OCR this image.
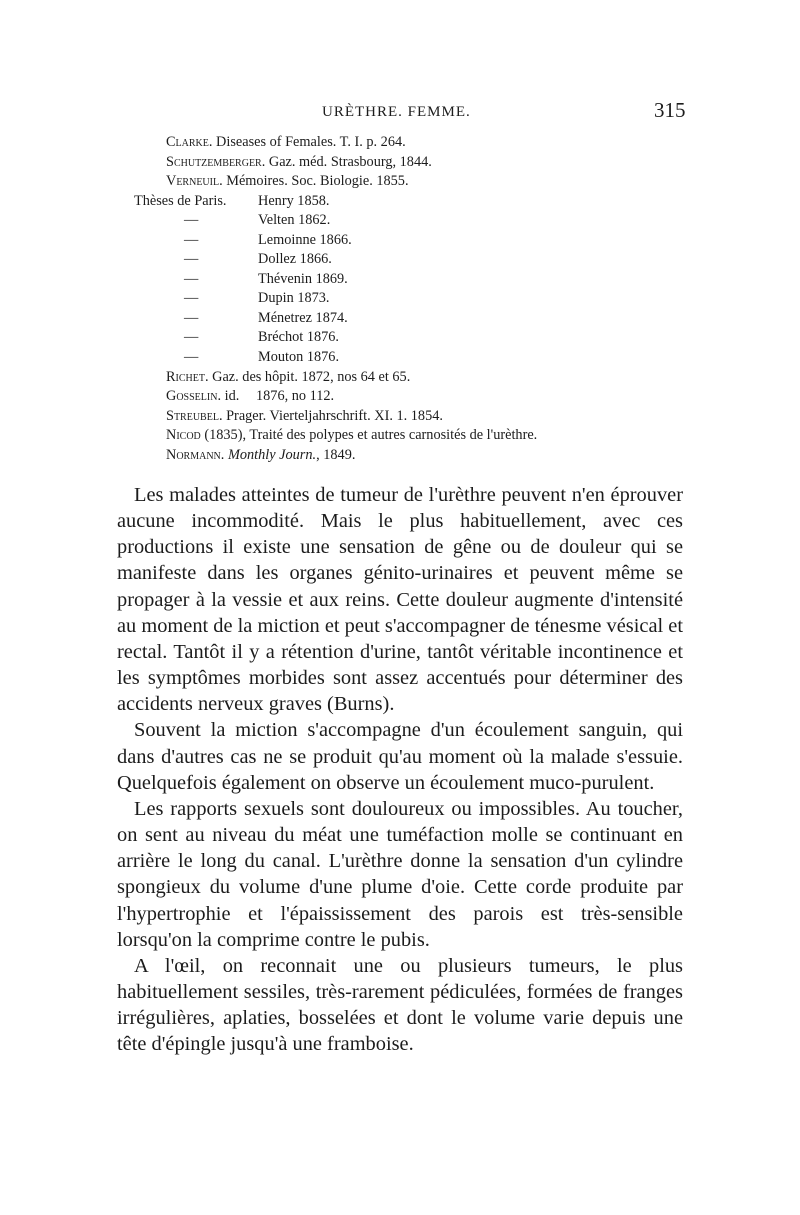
URÈTHRE. FEMME.	315
Clarke. Diseases of Females. T. I. p. 264.
Schutzemberger. Gaz. méd. Strasbourg, 1844.
Verneuil. Mémoires. Soc. Biologie. 1855.
Thèses de Paris. Henry 1858.
—	Velten 1862.
—	Lemoinne 1866.
—	Dollez 1866.
—	Thévenin 1869.
—	Dupin 1873.
—	Ménetrez 1874.
—	Bréchot 1876.
—	Mouton 1876.
Richet. Gaz. des hôpit. 1872, nos 64 et 65.
Gosselin. id. 1876, no 112.
Streubel. Prager. Vierteljahrschrift. XI. 1. 1854.
Nicod (1835), Traité des polypes et autres carnosités de l'urèthre.
Normann. Monthly Journ., 1849.

Les malades atteintes de tumeur de l'urèthre peuvent n'en éprouver aucune incommodité. Mais le plus habituellement, avec ces productions il existe une sensation de gêne ou de douleur qui se manifeste dans les organes génito-urinaires et peuvent même se propager à la vessie et aux reins. Cette douleur augmente d'intensité au moment de la miction et peut s'accompagner de ténesme vésical et rectal. Tantôt il y a rétention d'urine, tantôt véritable incontinence et les symptômes morbides sont assez accentués pour déterminer des accidents nerveux graves (Burns).

Souvent la miction s'accompagne d'un écoulement sanguin, qui dans d'autres cas ne se produit qu'au moment où la malade s'essuie. Quelquefois également on observe un écoulement muco-purulent.

Les rapports sexuels sont douloureux ou impossibles. Au toucher, on sent au niveau du méat une tuméfaction molle se continuant en arrière le long du canal. L'urèthre donne la sensation d'un cylindre spongieux du volume d'une plume d'oie. Cette corde produite par l'hypertrophie et l'épaississement des parois est très-sensible lorsqu'on la comprime contre le pubis.

A l'œil, on reconnait une ou plusieurs tumeurs, le plus habituellement sessiles, très-rarement pédiculées, formées de franges irrégulières, aplaties, bosselées et dont le volume varie depuis une tête d'épingle jusqu'à une framboise.
